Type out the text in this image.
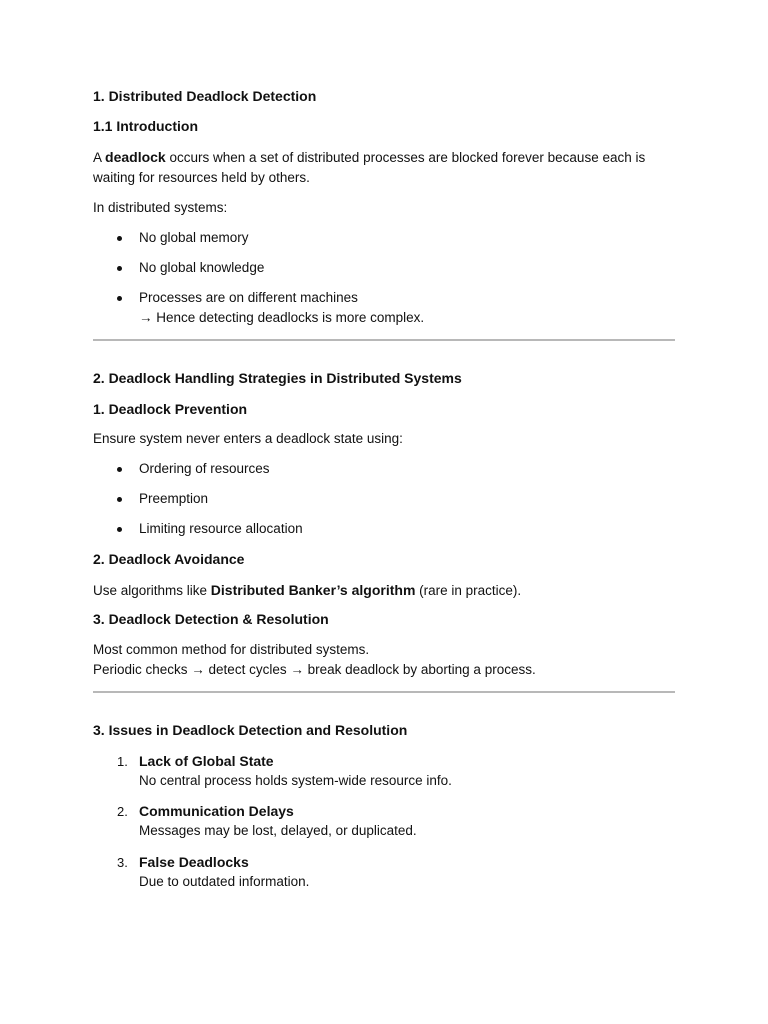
1. Distributed Deadlock Detection
1.1 Introduction
A deadlock occurs when a set of distributed processes are blocked forever because each is
waiting for resources held by others.
In distributed systems:
No global memory
No global knowledge
Processes are on different machines
→ Hence detecting deadlocks is more complex.
2. Deadlock Handling Strategies in Distributed Systems
1. Deadlock Prevention
Ensure system never enters a deadlock state using:
Ordering of resources
Preemption
Limiting resource allocation
2. Deadlock Avoidance
Use algorithms like Distributed Banker’s algorithm (rare in practice).
3. Deadlock Detection & Resolution
Most common method for distributed systems.
Periodic checks → detect cycles → break deadlock by aborting a process.
3. Issues in Deadlock Detection and Resolution
1. Lack of Global State
No central process holds system-wide resource info.
2. Communication Delays
Messages may be lost, delayed, or duplicated.
3. False Deadlocks
Due to outdated information.
